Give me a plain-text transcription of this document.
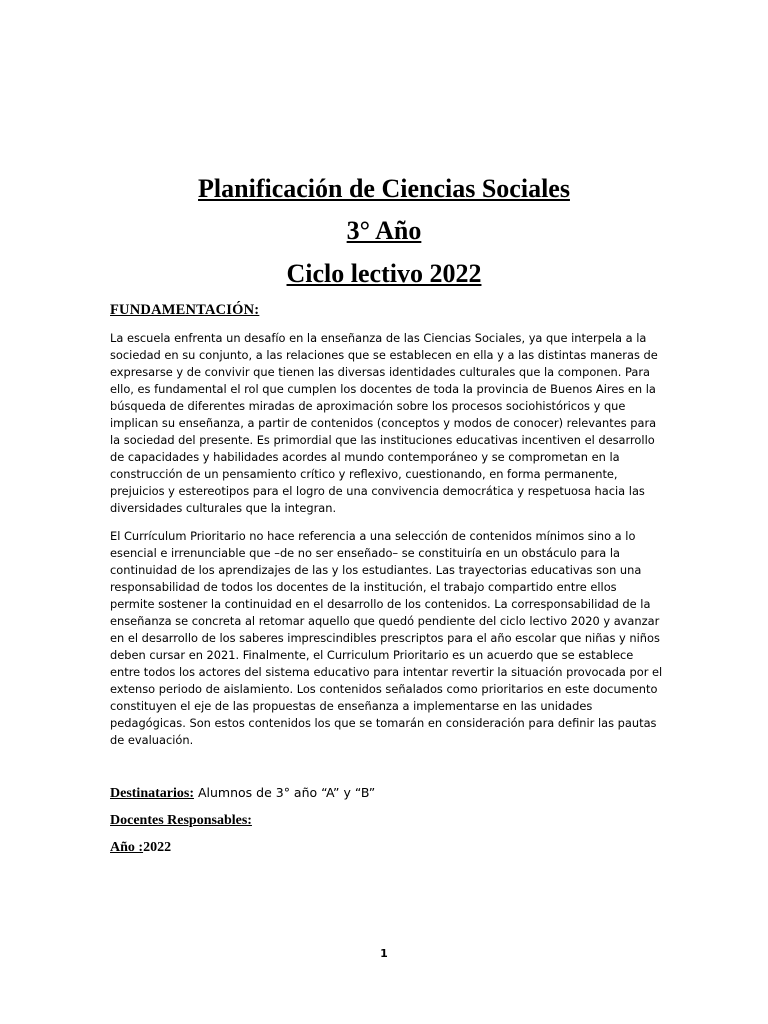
Planificación de Ciencias Sociales
3° Año
Ciclo lectivo 2022
FUNDAMENTACIÓN:
La escuela enfrenta un desafío en la enseñanza de las Ciencias Sociales, ya que interpela a la sociedad en su conjunto, a las relaciones que se establecen en ella y a las distintas maneras de expresarse y de convivir que tienen las diversas identidades culturales que la componen. Para ello, es fundamental el rol que cumplen los docentes de toda la provincia de Buenos Aires en la búsqueda de diferentes miradas de aproximación sobre los procesos sociohistóricos y que implican su enseñanza, a partir de contenidos (conceptos y modos de conocer) relevantes para la sociedad del presente. Es primordial que las instituciones educativas incentiven el desarrollo de capacidades y habilidades acordes al mundo contemporáneo y se comprometan en la construcción de un pensamiento crítico y reflexivo, cuestionando, en forma permanente, prejuicios y estereotipos para el logro de una convivencia democrática y respetuosa hacia las diversidades culturales que la integran.
El Currículum Prioritario no hace referencia a una selección de contenidos mínimos sino a lo esencial e irrenunciable que –de no ser enseñado– se constituiría en un obstáculo para la continuidad de los aprendizajes de las y los estudiantes. Las trayectorias educativas son una responsabilidad de todos los docentes de la institución, el trabajo compartido entre ellos permite sostener la continuidad en el desarrollo de los contenidos. La corresponsabilidad de la enseñanza se concreta al retomar aquello que quedó pendiente del ciclo lectivo 2020 y avanzar en el desarrollo de los saberes imprescindibles prescriptos para el año escolar que niñas y niños deben cursar en 2021. Finalmente, el Curriculum Prioritario es un acuerdo que se establece entre todos los actores del sistema educativo para intentar revertir la situación provocada por el extenso periodo de aislamiento. Los contenidos señalados como prioritarios en este documento constituyen el eje de las propuestas de enseñanza a implementarse en las unidades pedagógicas. Son estos contenidos los que se tomarán en consideración para definir las pautas de evaluación.
Destinatarios: Alumnos de 3° año “A” y “B”
Docentes Responsables:
Año :2022
1
